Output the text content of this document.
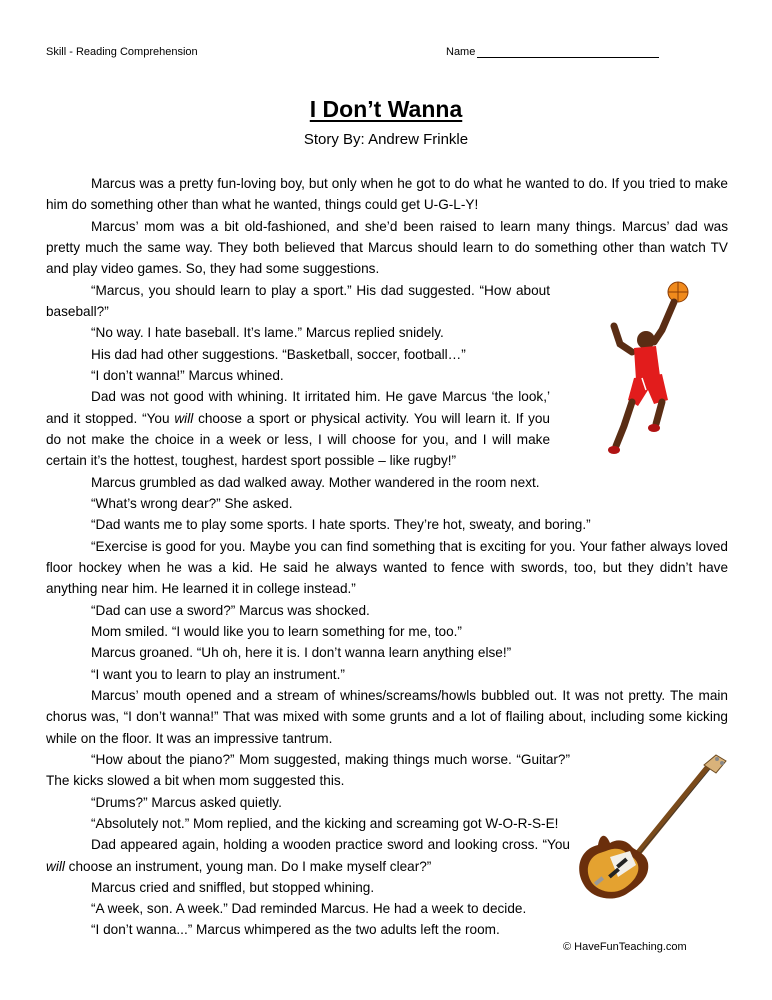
Skill - Reading Comprehension	Name
I Don’t Wanna
Story By: Andrew Frinkle

Marcus was a pretty fun-loving boy, but only when he got to do what he wanted to do. If you tried to make him do something other than what he wanted, things could get U-G-L-Y!

Marcus’ mom was a bit old-fashioned, and she’d been raised to learn many things. Marcus’ dad was pretty much the same way. They both believed that Marcus should learn to do something other than watch TV and play video games. So, they had some suggestions.

“Marcus, you should learn to play a sport.” His dad suggested. “How about baseball?”

“No way. I hate baseball. It’s lame.” Marcus replied snidely.

His dad had other suggestions. “Basketball, soccer, football…”

“I don’t wanna!” Marcus whined.

Dad was not good with whining. It irritated him. He gave Marcus ‘the look,’ and it stopped. “You will choose a sport or physical activity. You will learn it. If you do not make the choice in a week or less, I will choose for you, and I will make certain it’s the hottest, toughest, hardest sport possible – like rugby!”

Marcus grumbled as dad walked away. Mother wandered in the room next.

“What’s wrong dear?” She asked.

“Dad wants me to play some sports. I hate sports. They’re hot, sweaty, and boring.”

“Exercise is good for you. Maybe you can find something that is exciting for you. Your father always loved floor hockey when he was a kid. He said he always wanted to fence with swords, too, but they didn’t have anything near him. He learned it in college instead.”

“Dad can use a sword?” Marcus was shocked.

Mom smiled. “I would like you to learn something for me, too.”

Marcus groaned. “Uh oh, here it is. I don’t wanna learn anything else!”

“I want you to learn to play an instrument.”

Marcus’ mouth opened and a stream of whines/screams/howls bubbled out. It was not pretty. The main chorus was, “I don’t wanna!” That was mixed with some grunts and a lot of flailing about, including some kicking while on the floor. It was an impressive tantrum.

“How about the piano?” Mom suggested, making things much worse. “Guitar?” The kicks slowed a bit when mom suggested this.

“Drums?” Marcus asked quietly.

“Absolutely not.” Mom replied, and the kicking and screaming got W-O-R-S-E!

Dad appeared again, holding a wooden practice sword and looking cross. “You will choose an instrument, young man. Do I make myself clear?”

Marcus cried and sniffled, but stopped whining.

“A week, son. A week.” Dad reminded Marcus. He had a week to decide.

“I don’t wanna...” Marcus whimpered as the two adults left the room.

© HaveFunTeaching.com
